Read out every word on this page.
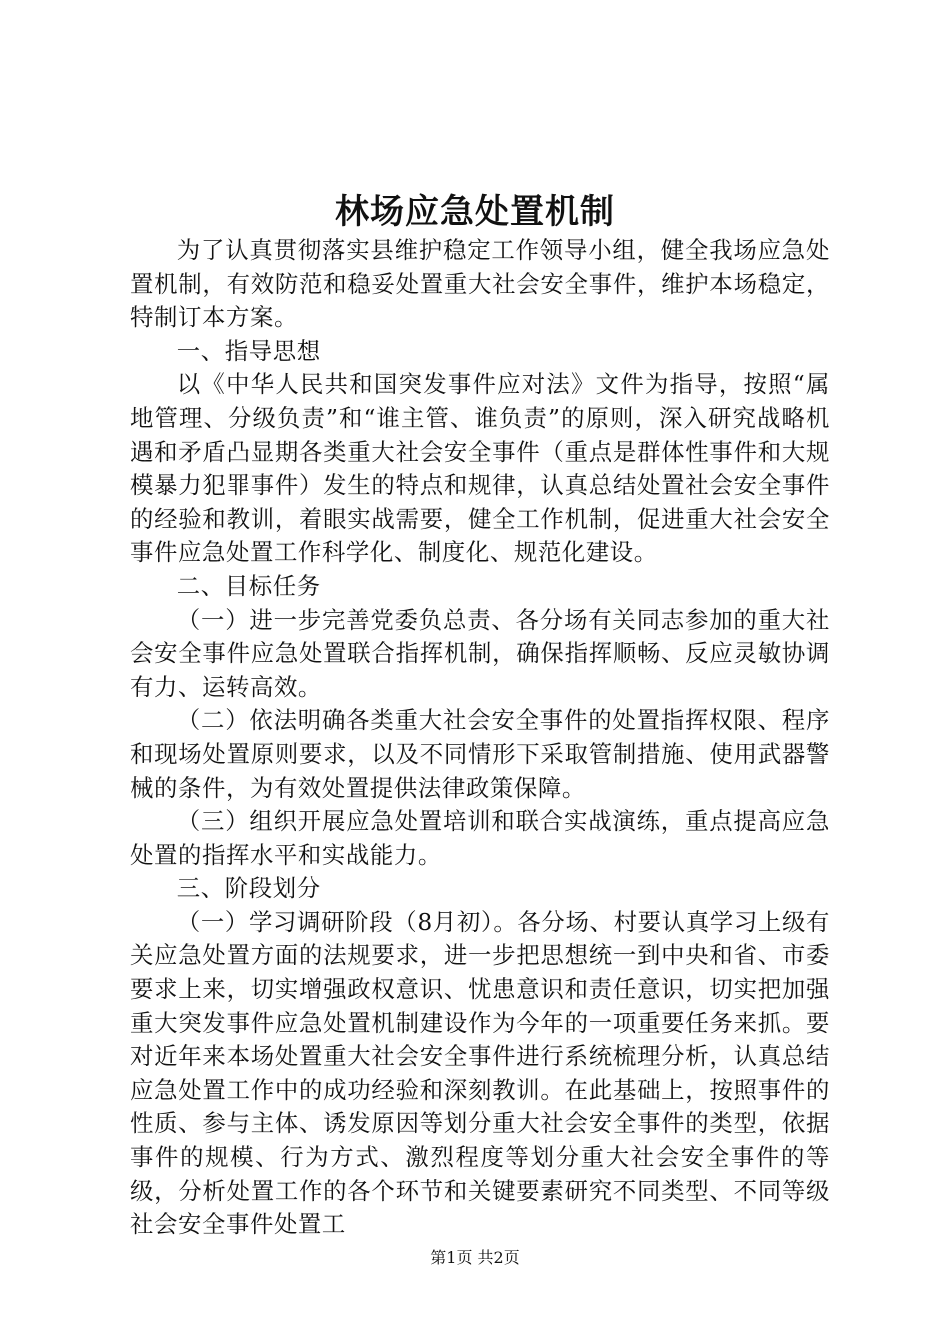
林场应急处置机制

为了认真贯彻落实县维护稳定工作领导小组，健全我场应急处置机制，有效防范和稳妥处置重大社会安全事件，维护本场稳定，特制订本方案。

一、指导思想

以《中华人民共和国突发事件应对法》文件为指导，按照“属地管理、分级负责”和“谁主管、谁负责”的原则，深入研究战略机遇和矛盾凸显期各类重大社会安全事件（重点是群体性事件和大规模暴力犯罪事件）发生的特点和规律，认真总结处置社会安全事件的经验和教训，着眼实战需要，健全工作机制，促进重大社会安全事件应急处置工作科学化、制度化、规范化建设。

二、目标任务

（一）进一步完善党委负总责、各分场有关同志参加的重大社会安全事件应急处置联合指挥机制，确保指挥顺畅、反应灵敏协调有力、运转高效。

（二）依法明确各类重大社会安全事件的处置指挥权限、程序和现场处置原则要求，以及不同情形下采取管制措施、使用武器警械的条件，为有效处置提供法律政策保障。

（三）组织开展应急处置培训和联合实战演练，重点提高应急处置的指挥水平和实战能力。

三、阶段划分

（一）学习调研阶段（8月初）。各分场、村要认真学习上级有关应急处置方面的法规要求，进一步把思想统一到中央和省、市委要求上来，切实增强政权意识、忧患意识和责任意识，切实把加强重大突发事件应急处置机制建设作为今年的一项重要任务来抓。要对近年来本场处置重大社会安全事件进行系统梳理分析，认真总结应急处置工作中的成功经验和深刻教训。在此基础上，按照事件的性质、参与主体、诱发原因等划分重大社会安全事件的类型，依据事件的规模、行为方式、激烈程度等划分重大社会安全事件的等级，分析处置工作的各个环节和关键要素研究不同类型、不同等级社会安全事件处置工

第1页 共2页
